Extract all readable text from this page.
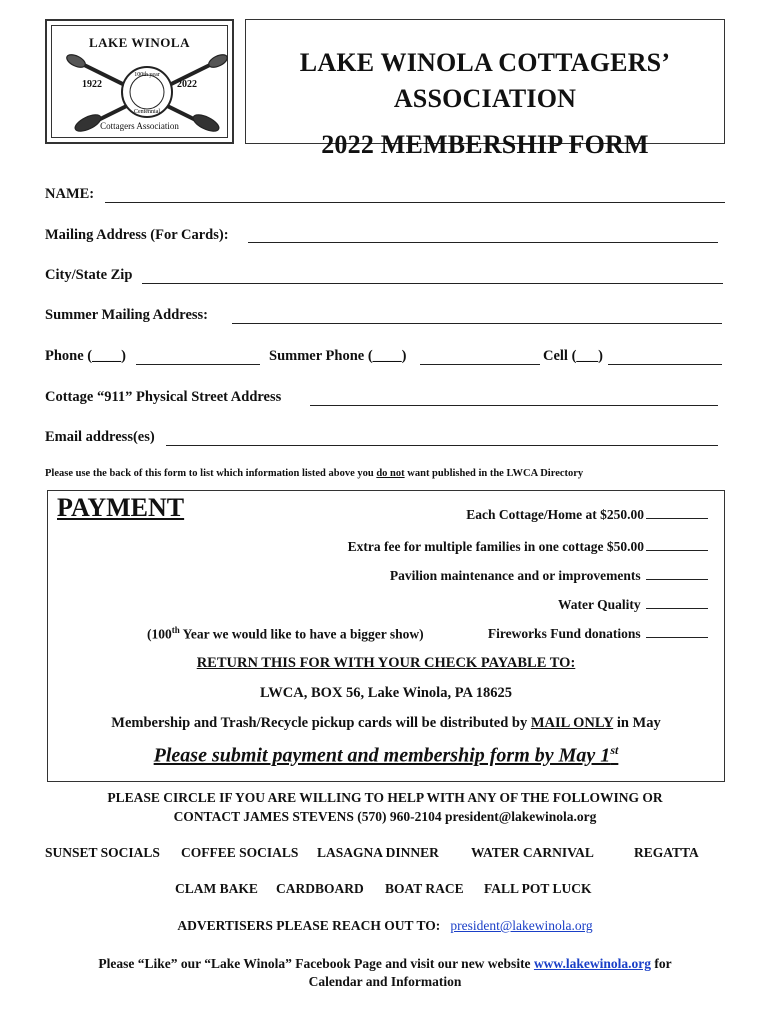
LAKE WINOLA
100th year
Centennial
1922	2022
Cottagers Association
LAKE WINOLA COTTAGERS’
ASSOCIATION
2022 MEMBERSHIP FORM
NAME:
Mailing Address (For Cards):
City/State Zip
Summer Mailing Address:
Phone (____)	Summer Phone (____)	Cell (___)
Cottage “911” Physical Street Address
Email address(es)
Please use the back of this form to list which information listed above you do not want published in the LWCA Directory
PAYMENT	Each Cottage/Home at $250.00
Extra fee for multiple families in one cottage $50.00
Pavilion maintenance and or improvements
Water Quality
(100th Year we would like to have a bigger show)	Fireworks Fund donations
RETURN THIS FOR WITH YOUR CHECK PAYABLE TO:
LWCA, BOX 56, Lake Winola, PA 18625
Membership and Trash/Recycle pickup cards will be distributed by MAIL ONLY in May
Please submit payment and membership form by May 1st
PLEASE CIRCLE IF YOU ARE WILLING TO HELP WITH ANY OF THE FOLLOWING OR
CONTACT JAMES STEVENS (570) 960-2104 president@lakewinola.org
SUNSET SOCIALS COFFEE SOCIALS LASAGNA DINNER WATER CARNIVAL	REGATTA
CLAM BAKE CARDBOARD BOAT RACE FALL POT LUCK
ADVERTISERS PLEASE REACH OUT TO: president@lakewinola.org
Please “Like” our “Lake Winola” Facebook Page and visit our new website www.lakewinola.org for
Calendar and Information
